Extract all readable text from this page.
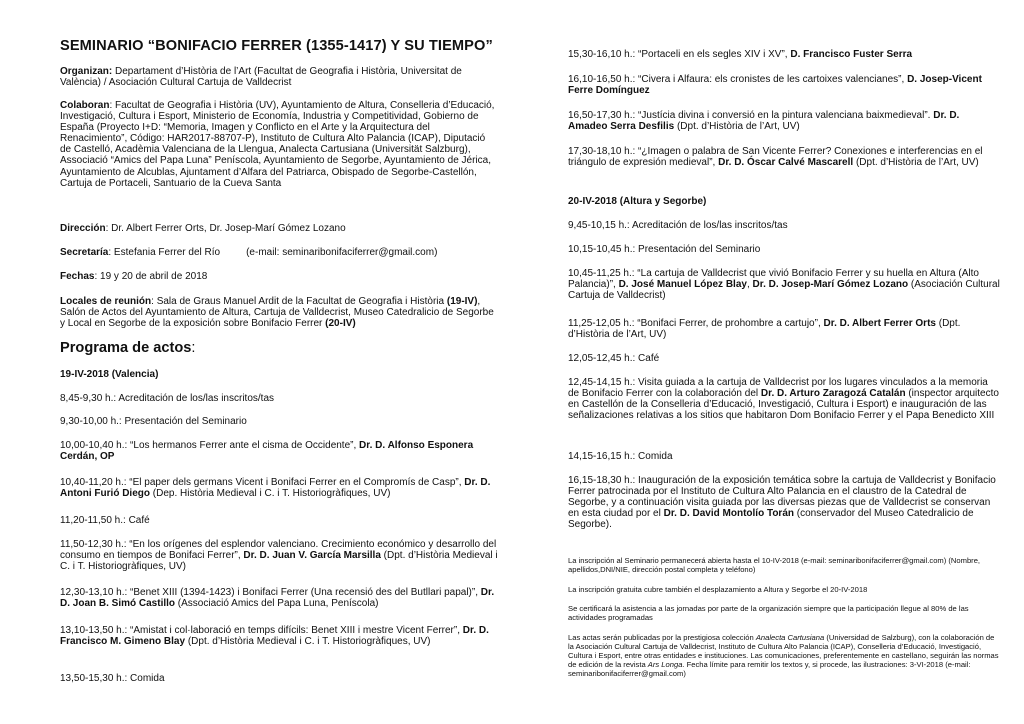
SEMINARIO “BONIFACIO FERRER (1355-1417) Y SU TIEMPO”

Organizan: Departament d’Història de l’Art (Facultat de Geografia i Història, Universitat de València) / Asociación Cultural Cartuja de Valldecrist

Colaboran: Facultat de Geografia i Història (UV), Ayuntamiento de Altura, Conselleria d’Educació, Investigació, Cultura i Esport, Ministerio de Economía, Industria y Competitividad, Gobierno de España (Proyecto I+D: “Memoria, Imagen y Conflicto en el Arte y la Arquitectura del Renacimiento”, Código: HAR2017-88707-P), Instituto de Cultura Alto Palancia (ICAP), Diputació de Castelló, Acadèmia Valenciana de la Llengua, Analecta Cartusiana (Universität Salzburg), Associació “Amics del Papa Luna” Peníscola, Ayuntamiento de Segorbe, Ayuntamiento de Jérica, Ayuntamiento de Alcublas, Ajuntament d’Alfara del Patriarca, Obispado de Segorbe-Castellón, Cartuja de Portaceli, Santuario de la Cueva Santa

Dirección: Dr. Albert Ferrer Orts, Dr. Josep-Marí Gómez Lozano

Secretaría: Estefania Ferrer del Río	(e-mail: seminaribonifaciferrer@gmail.com)

Fechas: 19 y 20 de abril de 2018

Locales de reunión: Sala de Graus Manuel Ardit de la Facultat de Geografia i Història (19-IV), Salón de Actos del Ayuntamiento de Altura, Cartuja de Valldecrist, Museo Catedralicio de Segorbe y Local en Segorbe de la exposición sobre Bonifacio Ferrer (20-IV)

Programa de actos:

19-IV-2018 (Valencia)

8,45-9,30 h.: Acreditación de los/las inscritos/tas

9,30-10,00 h.: Presentación del Seminario

10,00-10,40 h.: “Los hermanos Ferrer ante el cisma de Occidente”, Dr. D. Alfonso Esponera Cerdán, OP

10,40-11,20 h.: “El paper dels germans Vicent i Bonifaci Ferrer en el Compromís de Casp”, Dr. D. Antoni Furió Diego (Dep. Història Medieval i C. i T. Historiogràfiques, UV)

11,20-11,50 h.: Café

11,50-12,30 h.: “En los orígenes del esplendor valenciano. Crecimiento económico y desarrollo del consumo en tiempos de Bonifaci Ferrer”, Dr. D. Juan V. García Marsilla (Dpt. d’Història Medieval i C. i T. Historiogràfiques, UV)

12,30-13,10 h.: “Benet XIII (1394-1423) i Bonifaci Ferrer (Una recensió des del Butllari papal)”, Dr. D. Joan B. Simó Castillo (Associació Amics del Papa Luna, Peníscola)

13,10-13,50 h.: “Amistat i col·laboració en temps difícils: Benet XIII i mestre Vicent Ferrer”, Dr. D. Francisco M. Gimeno Blay (Dpt. d’Història Medieval i C. i T. Historiogràfiques, UV)

13,50-15,30 h.: Comida

15,30-16,10 h.: “Portaceli en els segles XIV i XV”, D. Francisco Fuster Serra

16,10-16,50 h.: “Civera i Alfaura: els cronistes de les cartoixes valencianes”, D. Josep-Vicent Ferre Domínguez

16,50-17,30 h.: “Justícia divina i conversió en la pintura valenciana baixmedieval”. Dr. D. Amadeo Serra Desfilis (Dpt. d’Història de l’Art, UV)

17,30-18,10 h.: “¿Imagen o palabra de San Vicente Ferrer? Conexiones e interferencias en el triángulo de expresión medieval”, Dr. D. Óscar Calvé Mascarell (Dpt. d’Història de l’Art, UV)

20-IV-2018 (Altura y Segorbe)

9,45-10,15 h.: Acreditación de los/las inscritos/tas

10,15-10,45 h.: Presentación del Seminario

10,45-11,25 h.: “La cartuja de Valldecrist que vivió Bonifacio Ferrer y su huella en Altura (Alto Palancia)”, D. José Manuel López Blay, Dr. D. Josep-Marí Gómez Lozano (Asociación Cultural Cartuja de Valldecrist)

11,25-12,05 h.: “Bonifaci Ferrer, de prohombre a cartujo”, Dr. D. Albert Ferrer Orts (Dpt. d’Història de l’Art, UV)

12,05-12,45 h.: Café

12,45-14,15 h.: Visita guiada a la cartuja de Valldecrist por los lugares vinculados a la memoria de Bonifacio Ferrer con la colaboración del Dr. D. Arturo Zaragozá Catalán (inspector arquitecto en Castellón de la Conselleria d’Educació, Investigació, Cultura i Esport) e inauguración de las señalizaciones relativas a los sitios que habitaron Dom Bonifacio Ferrer y el Papa Benedicto XIII

14,15-16,15 h.: Comida

16,15-18,30 h.: Inauguración de la exposición temática sobre la cartuja de Valldecrist y Bonifacio Ferrer patrocinada por el Instituto de Cultura Alto Palancia en el claustro de la Catedral de Segorbe, y a continuación visita guiada por las diversas piezas que de Valldecrist se conservan en esta ciudad por el Dr. D. David Montolío Torán (conservador del Museo Catedralicio de Segorbe).

La inscripción al Seminario permanecerá abierta hasta el 10-IV-2018 (e-mail: seminaribonifaciferrer@gmail.com) (Nombre, apellidos,DNI/NIE, dirección postal completa y teléfono)

La inscripción gratuita cubre también el desplazamiento a Altura y Segorbe el 20-IV-2018

Se certificará la asistencia a las jornadas por parte de la organización siempre que la participación llegue al 80% de las actividades programadas

Las actas serán publicadas por la prestigiosa colección Analecta Cartusiana (Universidad de Salzburg), con la colaboración de la Asociación Cultural Cartuja de Valldecrist, Instituto de Cultura Alto Palancia (ICAP), Conselleria d’Educació, Investigació, Cultura i Esport, entre otras entidades e instituciones. Las comunicaciones, preferentemente en castellano, seguirán las normas de edición de la revista Ars Longa. Fecha límite para remitir los textos y, si procede, las ilustraciones: 3-VI-2018 (e-mail: seminaribonifaciferrer@gmail.com)
